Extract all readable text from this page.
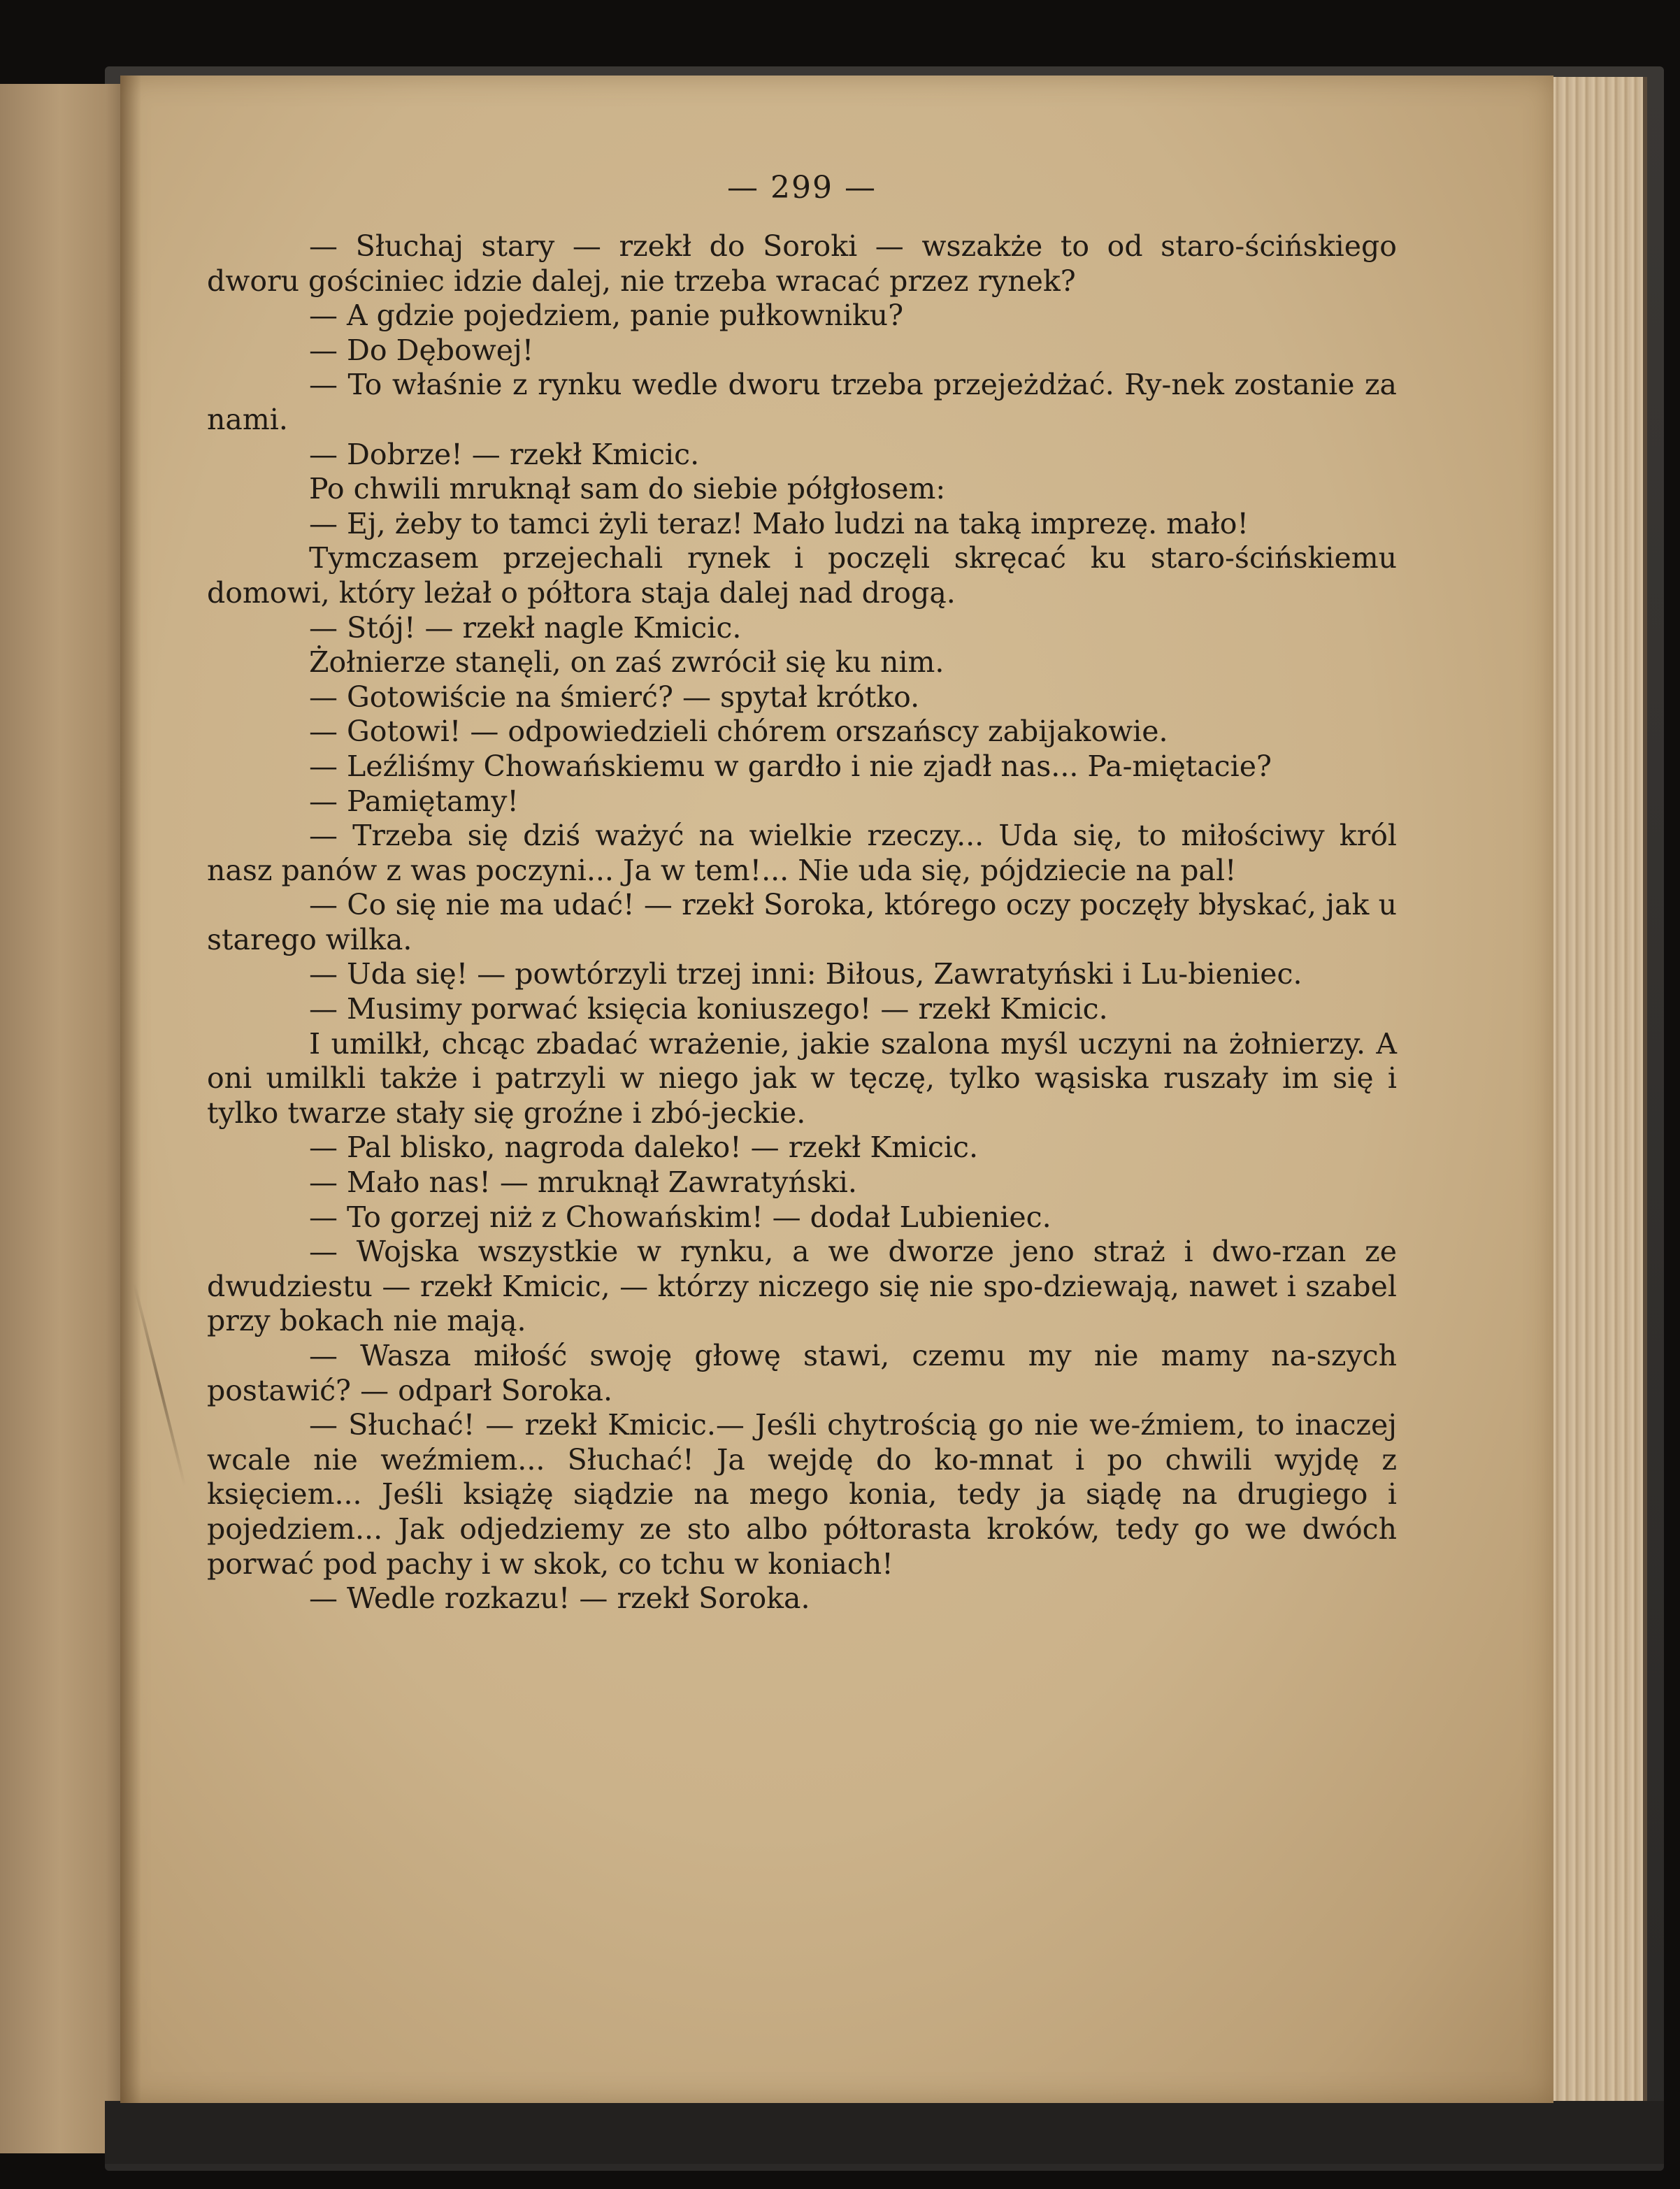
— 299 —

— Słuchaj stary — rzekł do Soroki — wszakże to od staro-ścińskiego dworu gościniec idzie dalej, nie trzeba wracać przez rynek?

— A gdzie pojedziem, panie pułkowniku?

— Do Dębowej!

— To właśnie z rynku wedle dworu trzeba przejeżdżać. Ry-nek zostanie za nami.

— Dobrze! — rzekł Kmicic.

Po chwili mruknął sam do siebie półgłosem:

— Ej, żeby to tamci żyli teraz! Mało ludzi na taką imprezę. mało!

Tymczasem przejechali rynek i poczęli skręcać ku staro-ścińskiemu domowi, który leżał o półtora staja dalej nad drogą.

— Stój! — rzekł nagle Kmicic.

Żołnierze stanęli, on zaś zwrócił się ku nim.

— Gotowiście na śmierć? — spytał krótko.

— Gotowi! — odpowiedzieli chórem orszańscy zabijakowie.

— Leźliśmy Chowańskiemu w gardło i nie zjadł nas... Pa-miętacie?

— Pamiętamy!

— Trzeba się dziś ważyć na wielkie rzeczy... Uda się, to miłościwy król nasz panów z was poczyni... Ja w tem!... Nie uda się, pójdziecie na pal!

— Co się nie ma udać! — rzekł Soroka, którego oczy poczęły błyskać, jak u starego wilka.

— Uda się! — powtórzyli trzej inni: Biłous, Zawratyński i Lu-bieniec.

— Musimy porwać księcia koniuszego! — rzekł Kmicic.

I umilkł, chcąc zbadać wrażenie, jakie szalona myśl uczyni na żołnierzy. A oni umilkli także i patrzyli w niego jak w tęczę, tylko wąsiska ruszały im się i tylko twarze stały się groźne i zbó-jeckie.

— Pal blisko, nagroda daleko! — rzekł Kmicic.

— Mało nas! — mruknął Zawratyński.

— To gorzej niż z Chowańskim! — dodał Lubieniec.

— Wojska wszystkie w rynku, a we dworze jeno straż i dwo-rzan ze dwudziestu — rzekł Kmicic, — którzy niczego się nie spo-dziewają, nawet i szabel przy bokach nie mają.

— Wasza miłość swoję głowę stawi, czemu my nie mamy na-szych postawić? — odparł Soroka.

— Słuchać! — rzekł Kmicic.— Jeśli chytrością go nie we-źmiem, to inaczej wcale nie weźmiem... Słuchać! Ja wejdę do ko-mnat i po chwili wyjdę z księciem... Jeśli książę siądzie na mego konia, tedy ja siądę na drugiego i pojedziem... Jak odjedziemy ze sto albo półtorasta kroków, tedy go we dwóch porwać pod pachy i w skok, co tchu w koniach!

— Wedle rozkazu! — rzekł Soroka.
